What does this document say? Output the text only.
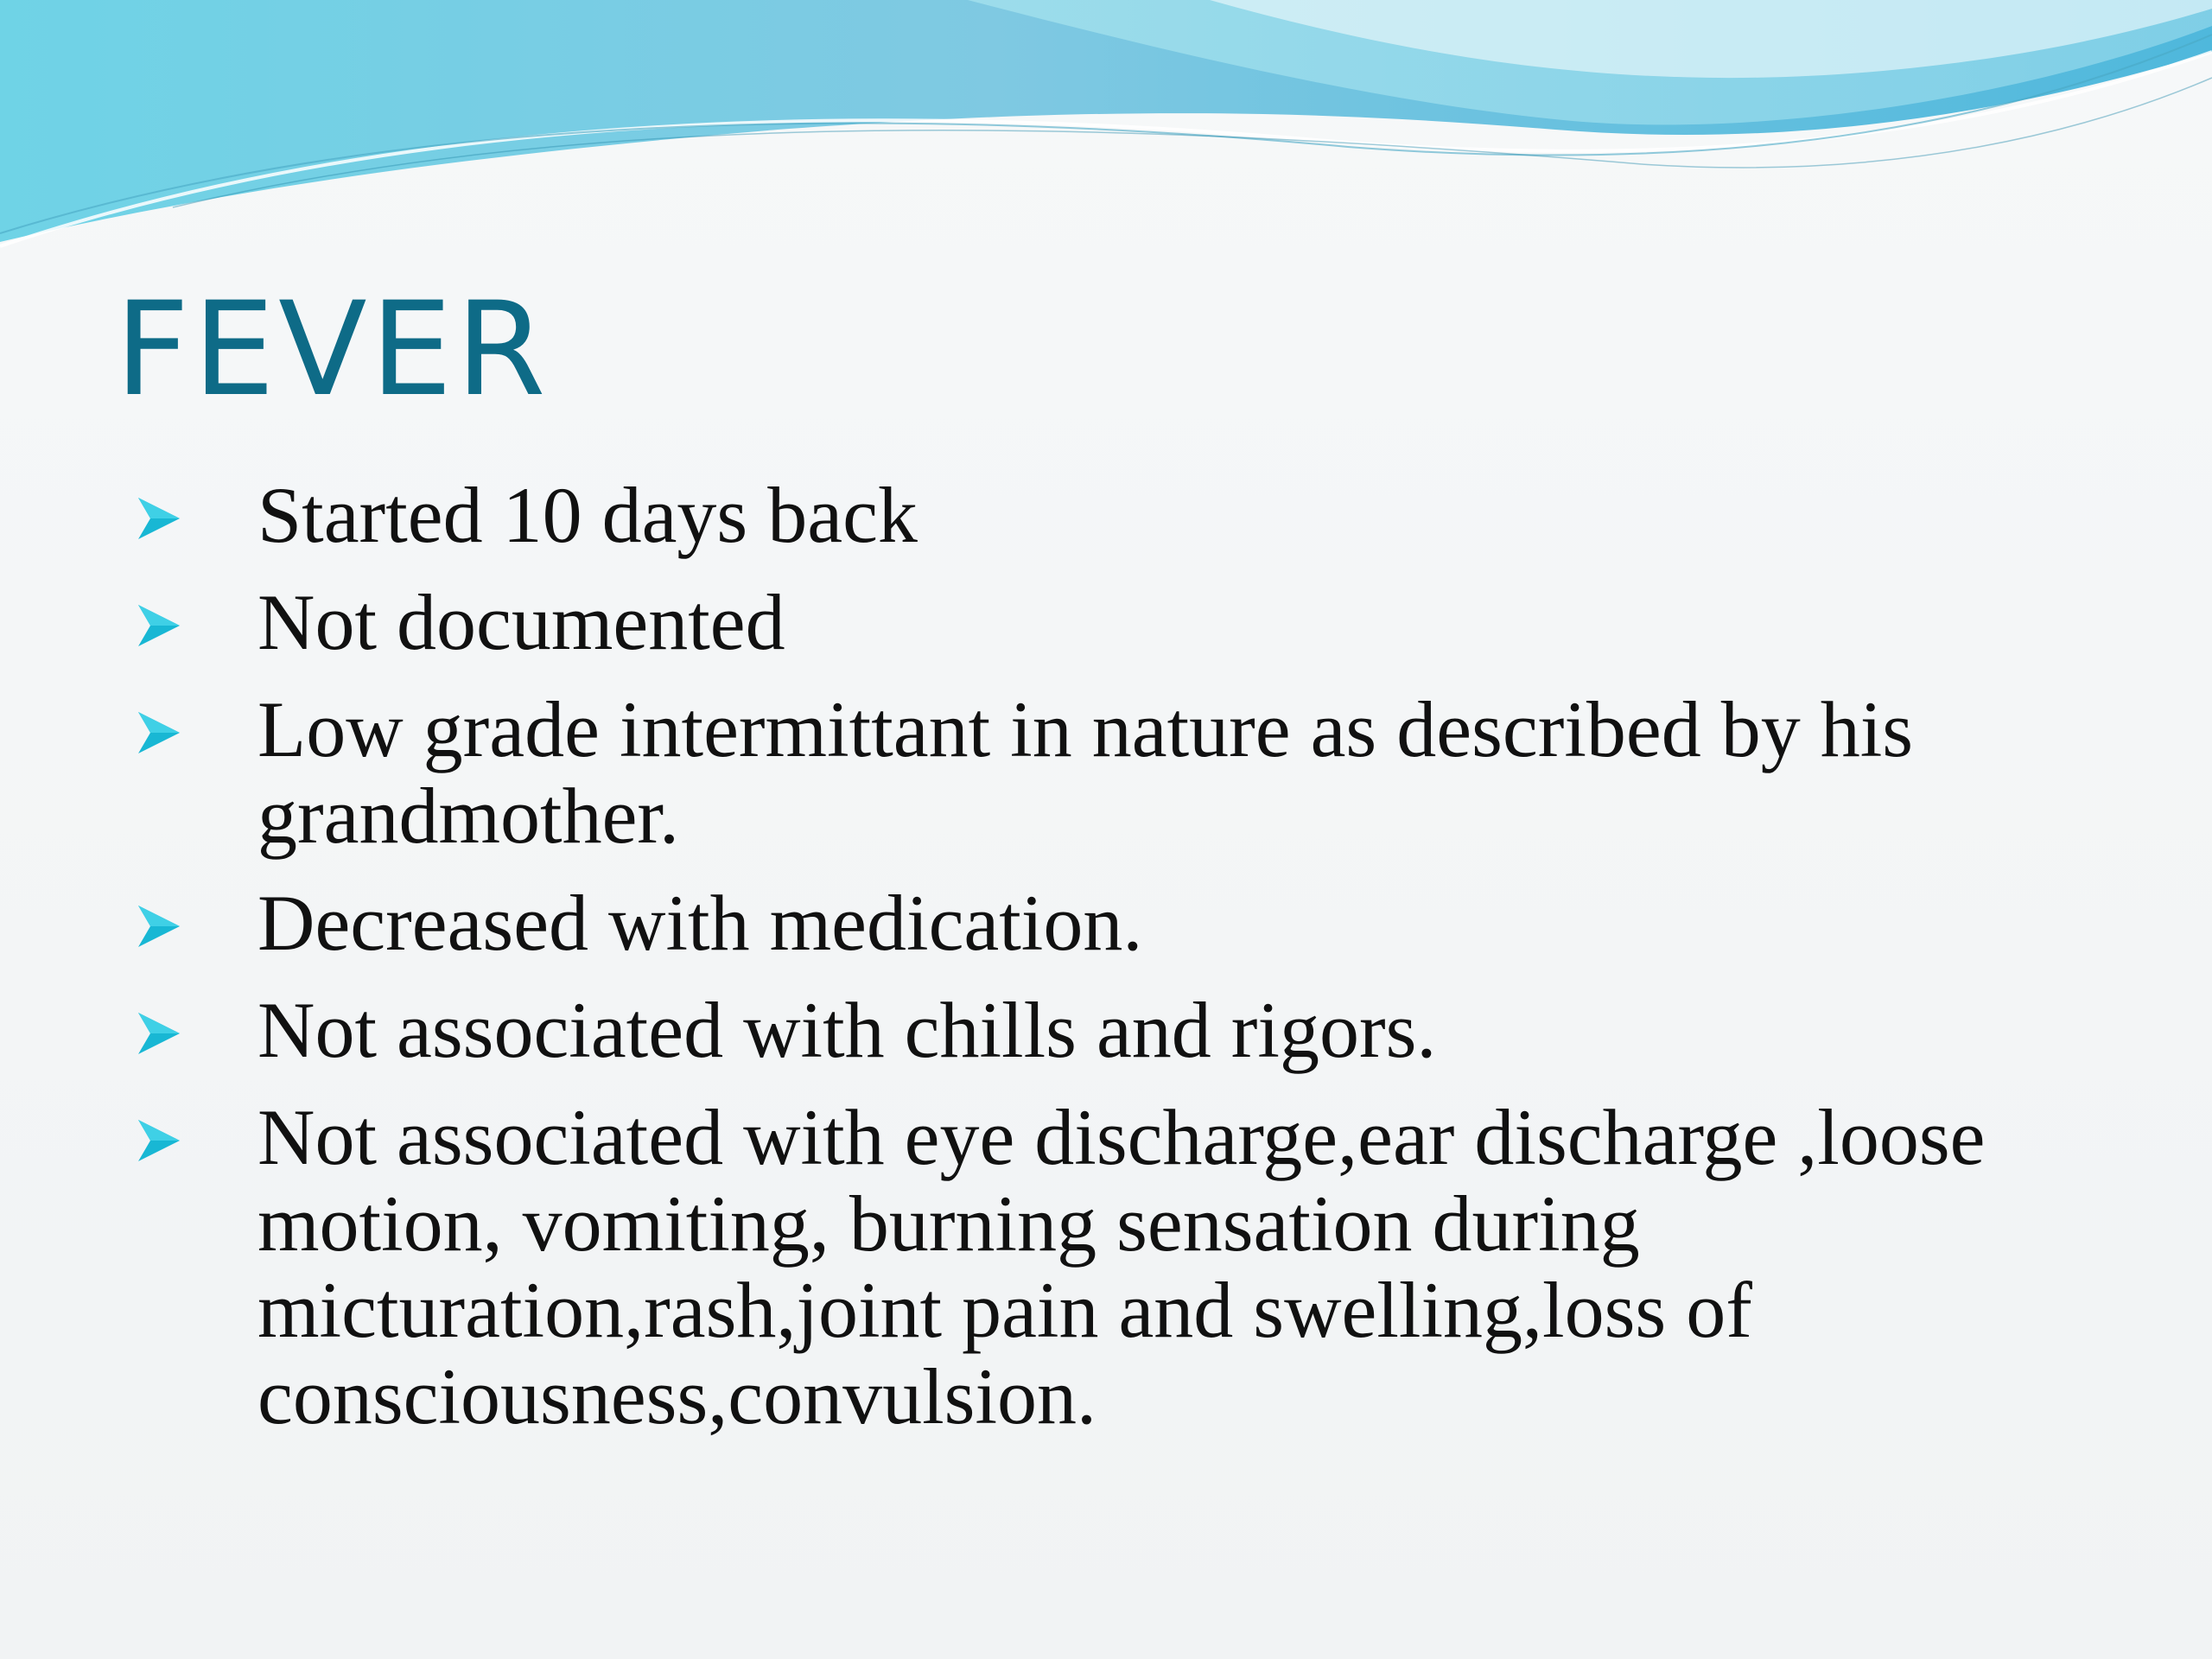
FEVER
Started 10 days back
Not documented
Low grade intermittant in nature as described by his grandmother.
Decreased with medication.
Not associated with chills and rigors.
Not associated with eye discharge,ear discharge ,loose motion, vomiting, burning sensation during micturation,rash,joint pain and swelling,loss of consciousness,convulsion.
